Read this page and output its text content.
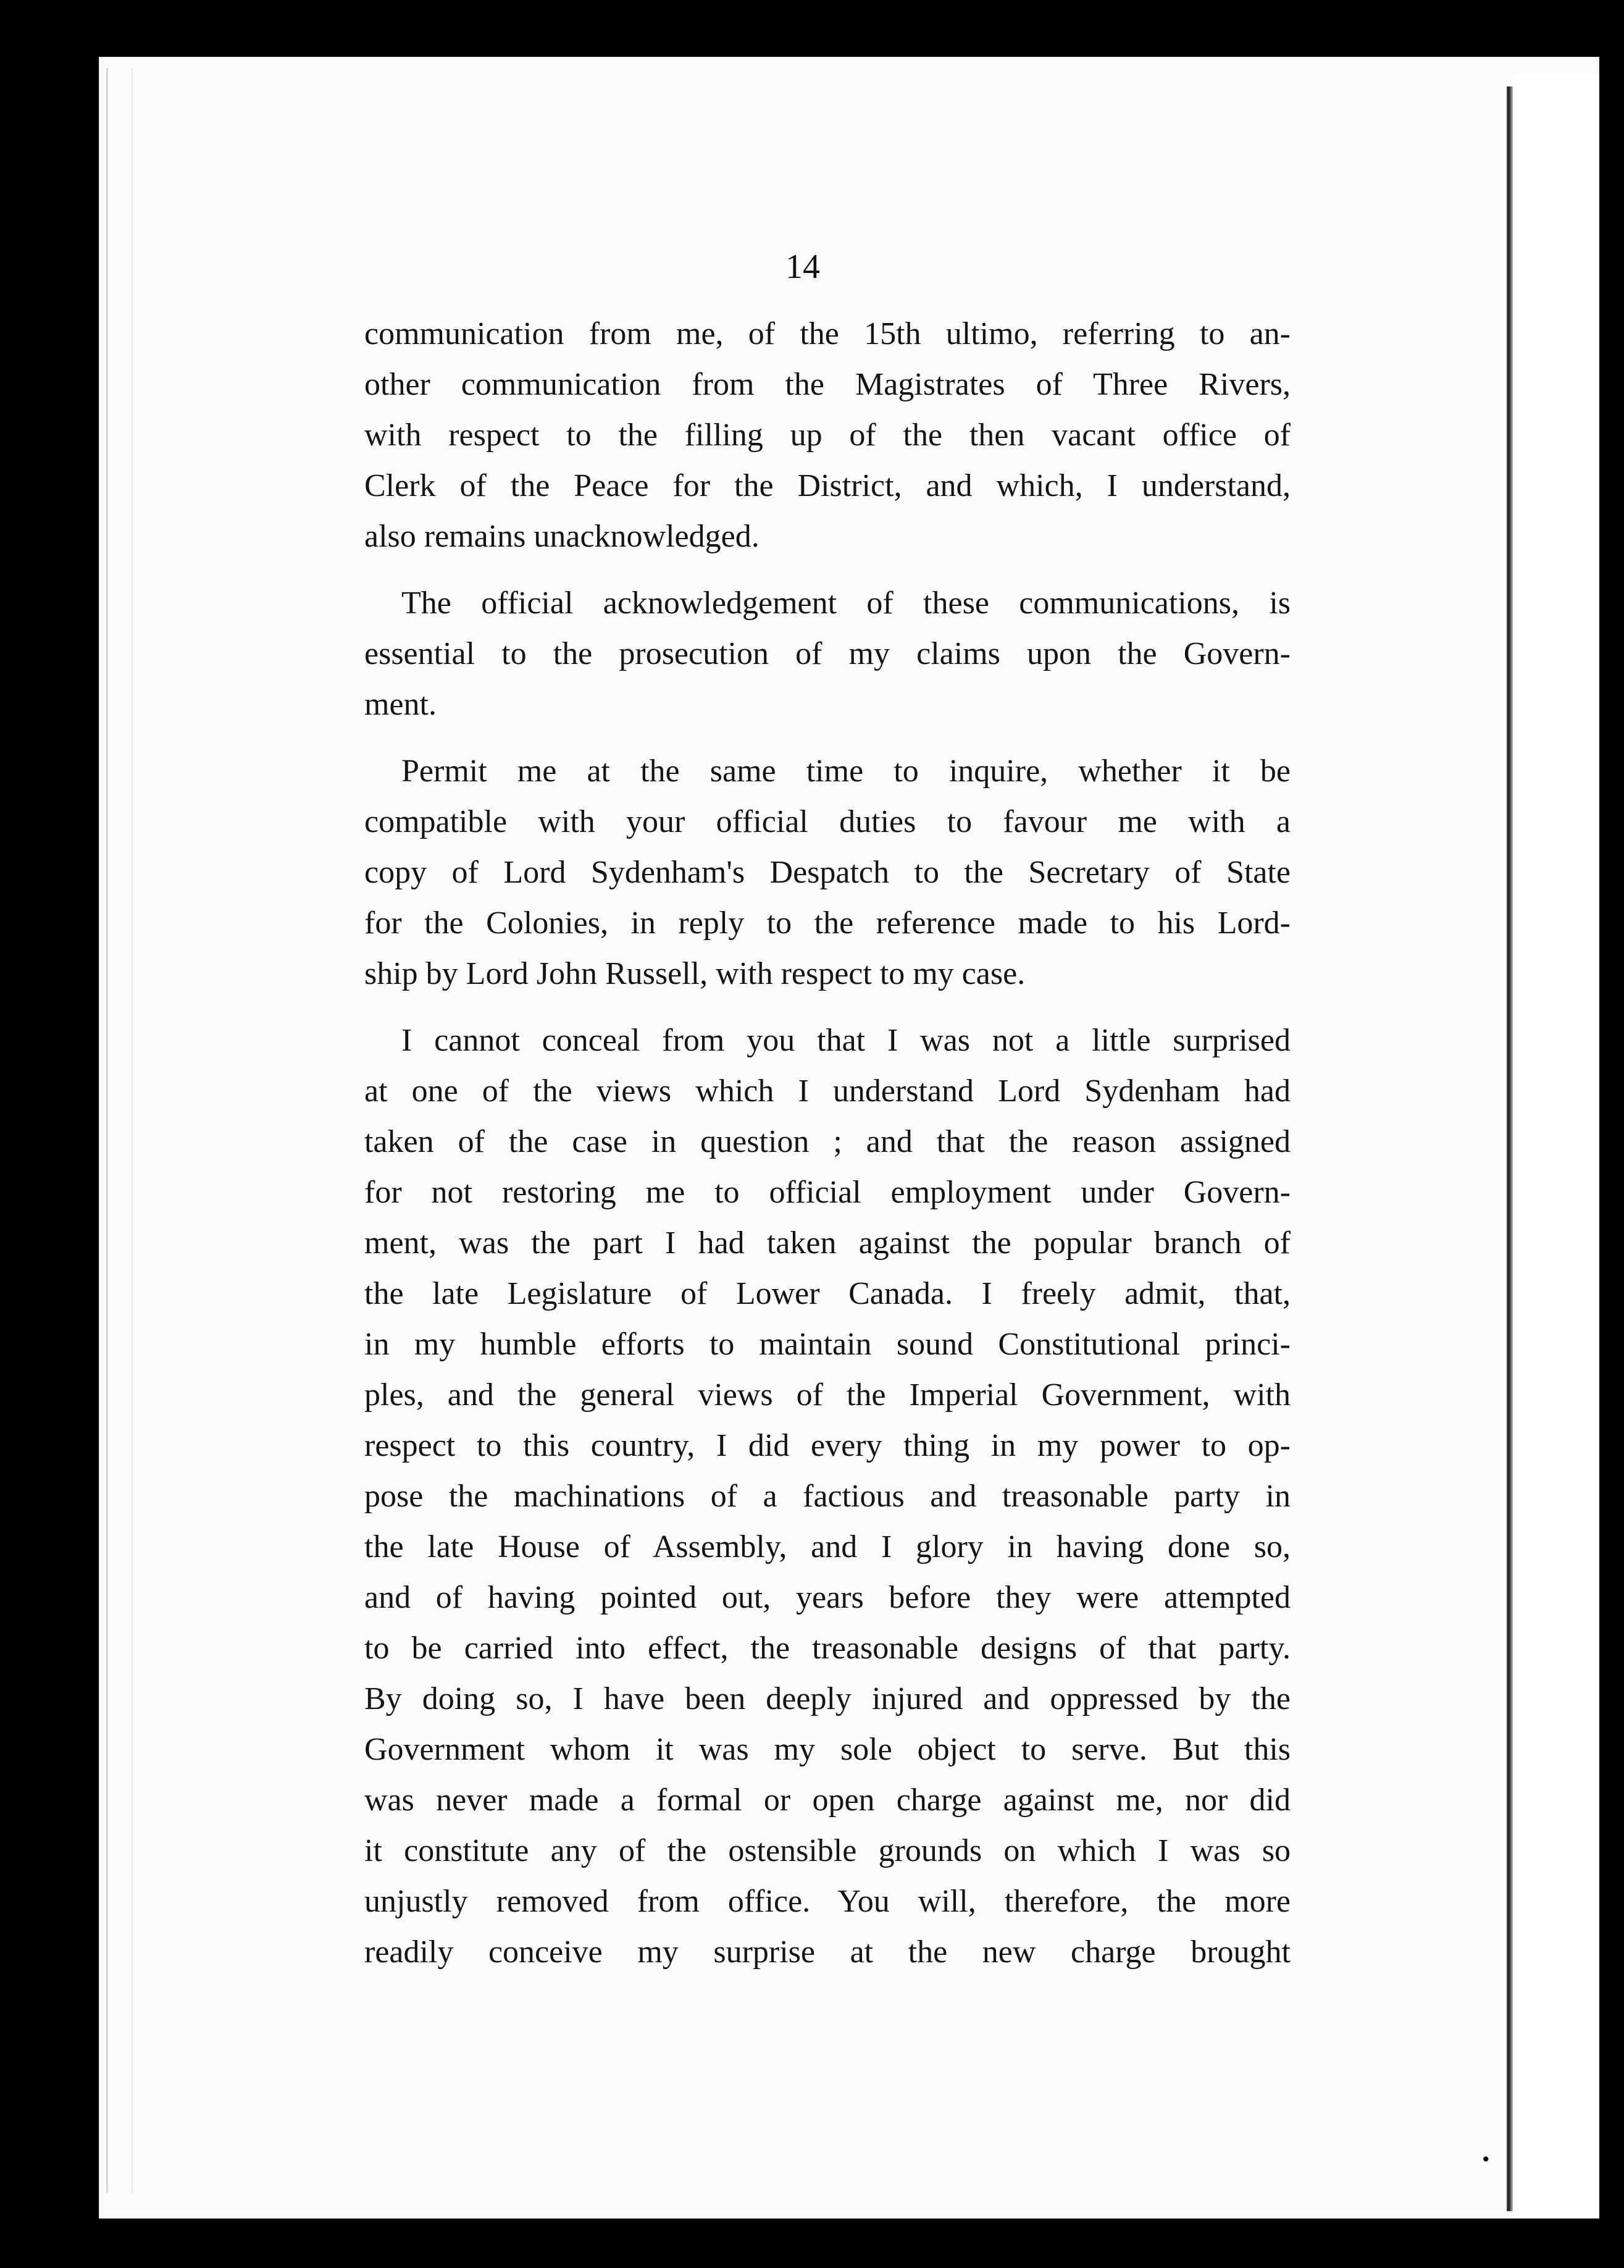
14

communication from me, of the 15th ultimo, referring to an-
other communication from the Magistrates of Three Rivers,
with respect to the filling up of the then vacant office of
Clerk of the Peace for the District, and which, I understand,
also remains unacknowledged.

The official acknowledgement of these communications, is
essential to the prosecution of my claims upon the Govern-
ment.

Permit me at the same time to inquire, whether it be
compatible with your official duties to favour me with a
copy of Lord Sydenham's Despatch to the Secretary of State
for the Colonies, in reply to the reference made to his Lord-
ship by Lord John Russell, with respect to my case.

I cannot conceal from you that I was not a little surprised
at one of the views which I understand Lord Sydenham had
taken of the case in question ; and that the reason assigned
for not restoring me to official employment under Govern-
ment, was the part I had taken against the popular branch of
the late Legislature of Lower Canada. I freely admit, that,
in my humble efforts to maintain sound Constitutional princi-
ples, and the general views of the Imperial Government, with
respect to this country, I did every thing in my power to op-
pose the machinations of a factious and treasonable party in
the late House of Assembly, and I glory in having done so,
and of having pointed out, years before they were attempted
to be carried into effect, the treasonable designs of that party.
By doing so, I have been deeply injured and oppressed by the
Government whom it was my sole object to serve. But this
was never made a formal or open charge against me, nor did
it constitute any of the ostensible grounds on which I was so
unjustly removed from office. You will, therefore, the more
readily conceive my surprise at the new charge brought

•
